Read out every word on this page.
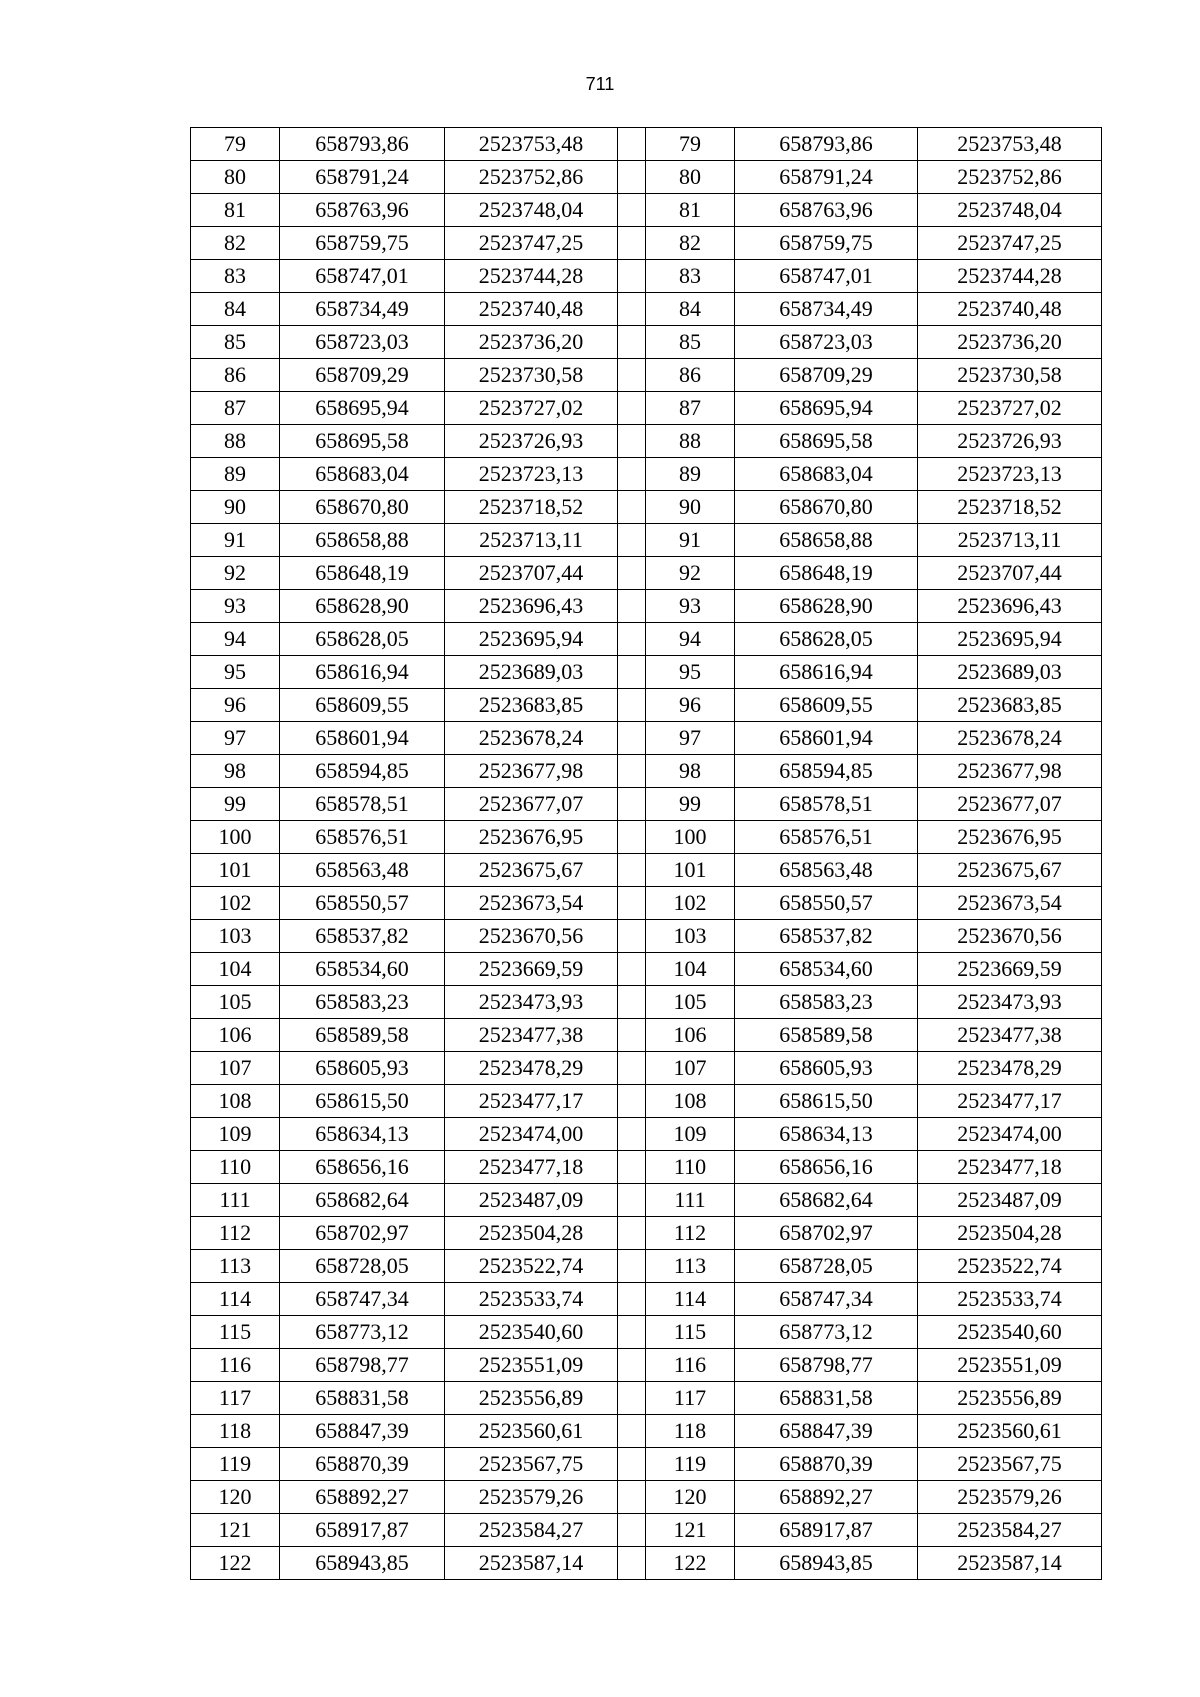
711
79	658793,86	2523753,48		79	658793,86	2523753,48
80	658791,24	2523752,86		80	658791,24	2523752,86
81	658763,96	2523748,04		81	658763,96	2523748,04
82	658759,75	2523747,25		82	658759,75	2523747,25
83	658747,01	2523744,28		83	658747,01	2523744,28
84	658734,49	2523740,48		84	658734,49	2523740,48
85	658723,03	2523736,20		85	658723,03	2523736,20
86	658709,29	2523730,58		86	658709,29	2523730,58
87	658695,94	2523727,02		87	658695,94	2523727,02
88	658695,58	2523726,93		88	658695,58	2523726,93
89	658683,04	2523723,13		89	658683,04	2523723,13
90	658670,80	2523718,52		90	658670,80	2523718,52
91	658658,88	2523713,11		91	658658,88	2523713,11
92	658648,19	2523707,44		92	658648,19	2523707,44
93	658628,90	2523696,43		93	658628,90	2523696,43
94	658628,05	2523695,94		94	658628,05	2523695,94
95	658616,94	2523689,03		95	658616,94	2523689,03
96	658609,55	2523683,85		96	658609,55	2523683,85
97	658601,94	2523678,24		97	658601,94	2523678,24
98	658594,85	2523677,98		98	658594,85	2523677,98
99	658578,51	2523677,07		99	658578,51	2523677,07
100	658576,51	2523676,95		100	658576,51	2523676,95
101	658563,48	2523675,67		101	658563,48	2523675,67
102	658550,57	2523673,54		102	658550,57	2523673,54
103	658537,82	2523670,56		103	658537,82	2523670,56
104	658534,60	2523669,59		104	658534,60	2523669,59
105	658583,23	2523473,93		105	658583,23	2523473,93
106	658589,58	2523477,38		106	658589,58	2523477,38
107	658605,93	2523478,29		107	658605,93	2523478,29
108	658615,50	2523477,17		108	658615,50	2523477,17
109	658634,13	2523474,00		109	658634,13	2523474,00
110	658656,16	2523477,18		110	658656,16	2523477,18
111	658682,64	2523487,09		111	658682,64	2523487,09
112	658702,97	2523504,28		112	658702,97	2523504,28
113	658728,05	2523522,74		113	658728,05	2523522,74
114	658747,34	2523533,74		114	658747,34	2523533,74
115	658773,12	2523540,60		115	658773,12	2523540,60
116	658798,77	2523551,09		116	658798,77	2523551,09
117	658831,58	2523556,89		117	658831,58	2523556,89
118	658847,39	2523560,61		118	658847,39	2523560,61
119	658870,39	2523567,75		119	658870,39	2523567,75
120	658892,27	2523579,26		120	658892,27	2523579,26
121	658917,87	2523584,27		121	658917,87	2523584,27
122	658943,85	2523587,14		122	658943,85	2523587,14
